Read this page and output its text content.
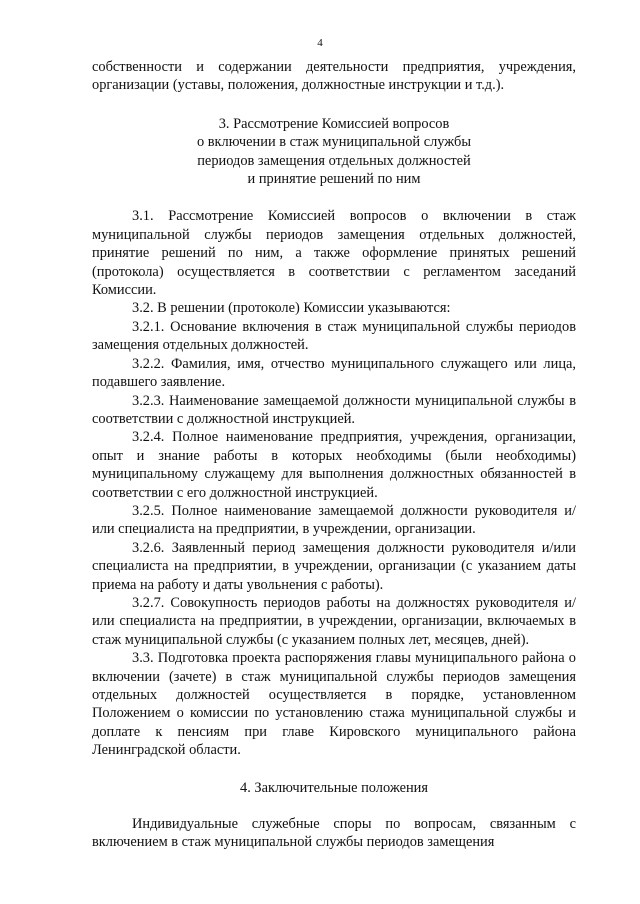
4

собственности и содержании деятельности предприятия, учреждения, организации (уставы, положения, должностные инструкции и т.д.).

3. Рассмотрение Комиссией вопросов
о включении в стаж муниципальной службы
периодов замещения отдельных должностей
и принятие решений по ним

3.1. Рассмотрение Комиссией вопросов о включении в стаж муниципальной службы периодов замещения отдельных должностей, принятие решений по ним, а также оформление принятых решений (протокола) осуществляется в соответствии с регламентом заседаний Комиссии.

3.2. В решении (протоколе) Комиссии указываются:

3.2.1. Основание включения в стаж муниципальной службы периодов замещения отдельных должностей.

3.2.2. Фамилия, имя, отчество муниципального служащего или лица, подавшего заявление.

3.2.3. Наименование замещаемой должности муниципальной службы в соответствии с должностной инструкцией.

3.2.4. Полное наименование предприятия, учреждения, организации, опыт и знание работы в которых необходимы (были необходимы) муниципальному служащему для выполнения должностных обязанностей в соответствии с его должностной инструкцией.

3.2.5. Полное наименование замещаемой должности руководителя и/или специалиста на предприятии, в учреждении, организации.

3.2.6. Заявленный период замещения должности руководителя и/или специалиста на предприятии, в учреждении, организации (с указанием даты приема на работу и даты увольнения с работы).

3.2.7. Совокупность периодов работы на должностях руководителя и/или специалиста на предприятии, в учреждении, организации, включаемых в стаж муниципальной службы (с указанием полных лет, месяцев, дней).

3.3. Подготовка проекта распоряжения главы муниципального района о включении (зачете) в стаж муниципальной службы периодов замещения отдельных должностей осуществляется в порядке, установленном Положением о комиссии по установлению стажа муниципальной службы и доплате к пенсиям при главе Кировского муниципального района Ленинградской области.

4. Заключительные положения

Индивидуальные служебные споры по вопросам, связанным с включением в стаж муниципальной службы периодов замещения
